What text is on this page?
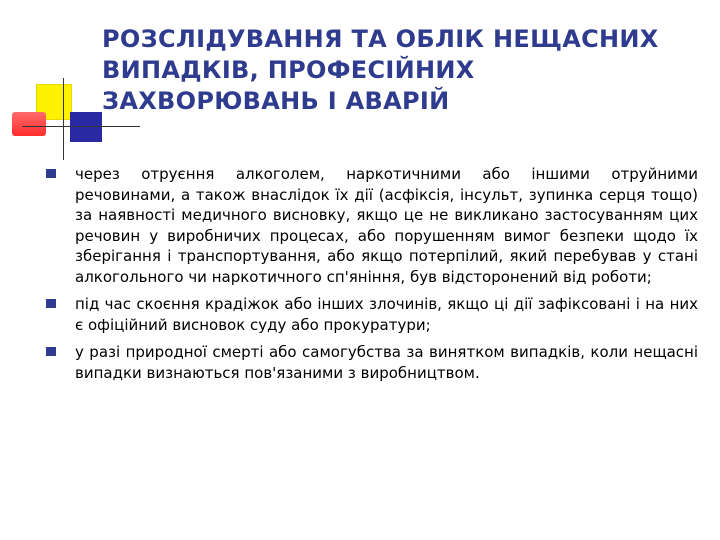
РОЗСЛІДУВАННЯ ТА ОБЛІК НЕЩАСНИХ ВИПАДКІВ, ПРОФЕСІЙНИХ ЗАХВОРЮВАНЬ І АВАРІЙ
через отруєння алкоголем, наркотичними або іншими отруйними речовинами, а також внаслідок їх дії (асфіксія, інсульт, зупинка серця тощо) за наявності медичного висновку, якщо це не викликано застосуванням цих речовин у виробничих процесах, або порушенням вимог безпеки щодо їх зберігання і транспортування, або якщо потерпілий, який перебував у стані алкогольного чи наркотичного сп'яніння, був відсторонений від роботи;
під час скоєння крадіжок або інших злочинів, якщо ці дії зафіксовані і на них є офіційний висновок суду або прокуратури;
у разі природної смерті або самогубства за винятком випадків, коли нещасні випадки визнаються пов'язаними з виробництвом.
